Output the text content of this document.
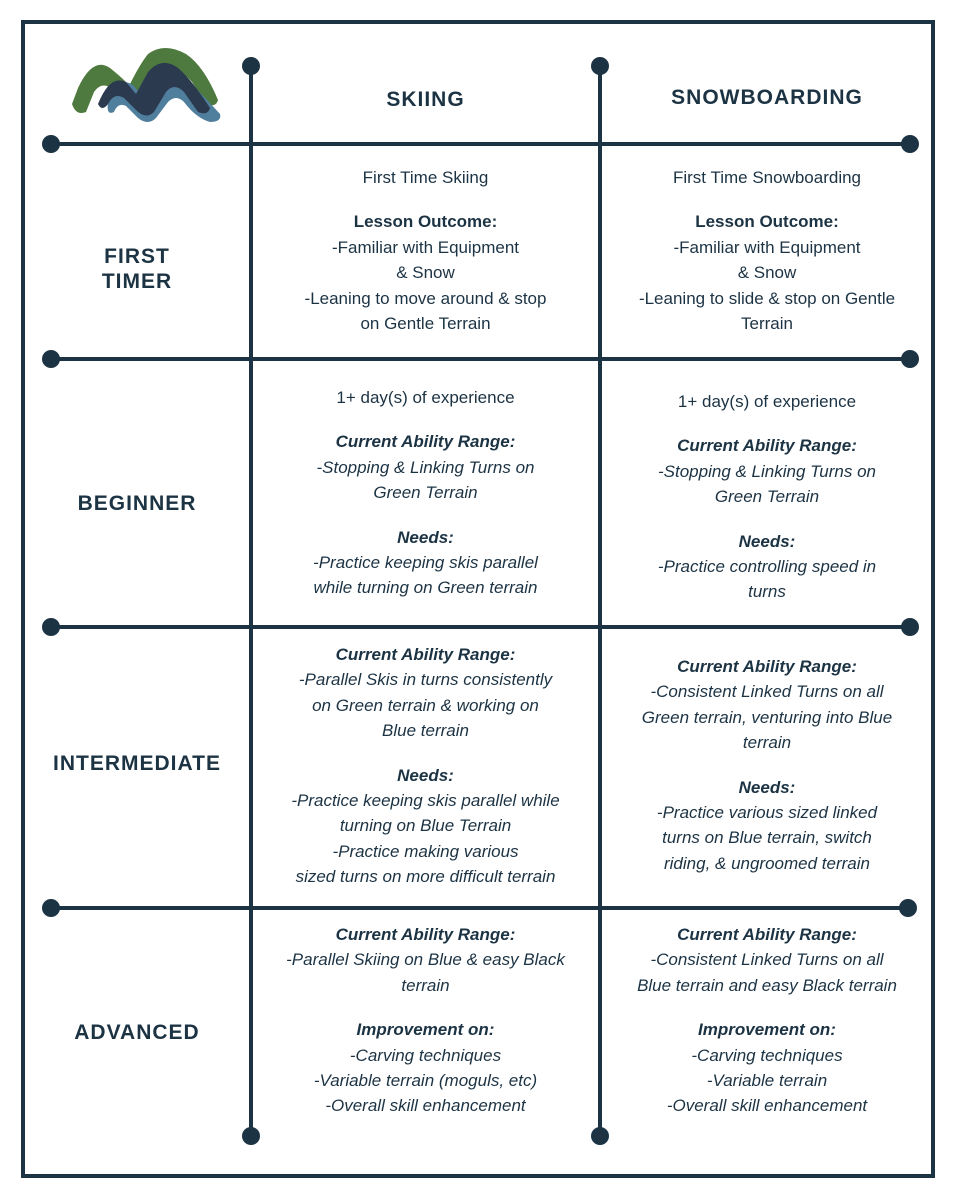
SKIING	SNOWBOARDING
FIRST
TIMER
BEGINNER
INTERMEDIATE
ADVANCED

First Time Skiing

Lesson Outcome:

-Familiar with Equipment

& Snow

-Leaning to move around & stop

on Gentle Terrain

First Time Snowboarding

Lesson Outcome:

-Familiar with Equipment

& Snow

-Leaning to slide & stop on Gentle

Terrain

1+ day(s) of experience

Current Ability Range:

-Stopping & Linking Turns on

Green Terrain

Needs:

-Practice keeping skis parallel

while turning on Green terrain

1+ day(s) of experience

Current Ability Range:

-Stopping & Linking Turns on

Green Terrain

Needs:

-Practice controlling speed in

turns

Current Ability Range:

-Parallel Skis in turns consistently

on Green terrain & working on

Blue terrain

Needs:

-Practice keeping skis parallel while

turning on Blue Terrain

-Practice making various

sized turns on more difficult terrain

Current Ability Range:

-Consistent Linked Turns on all

Green terrain, venturing into Blue

terrain

Needs:

-Practice various sized linked

turns on Blue terrain, switch

riding, & ungroomed terrain

Current Ability Range:

-Parallel Skiing on Blue & easy Black

terrain

Improvement on:

-Carving techniques

-Variable terrain (moguls, etc)

-Overall skill enhancement

Current Ability Range:

-Consistent Linked Turns on all

Blue terrain and easy Black terrain

Improvement on:

-Carving techniques

-Variable terrain

-Overall skill enhancement
